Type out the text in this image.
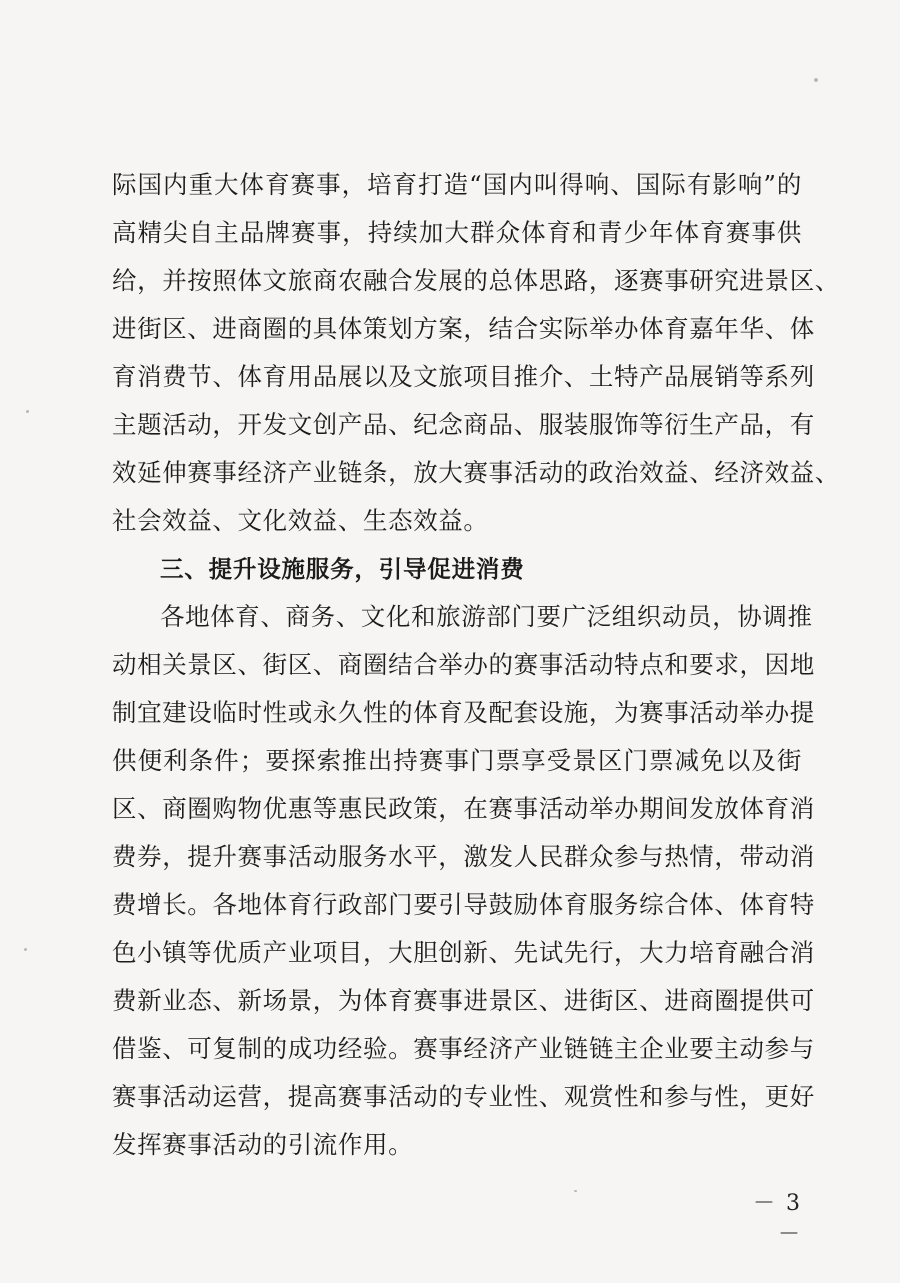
际国内重大体育赛事，培育打造“国内叫得响、国际有影响”的
高精尖自主品牌赛事，持续加大群众体育和青少年体育赛事供
给，并按照体文旅商农融合发展的总体思路，逐赛事研究进景区、
进街区、进商圈的具体策划方案，结合实际举办体育嘉年华、体
育消费节、体育用品展以及文旅项目推介、土特产品展销等系列
主题活动，开发文创产品、纪念商品、服装服饰等衍生产品，有
效延伸赛事经济产业链条，放大赛事活动的政治效益、经济效益、
社会效益、文化效益、生态效益。
三、提升设施服务，引导促进消费
各地体育、商务、文化和旅游部门要广泛组织动员，协调推
动相关景区、街区、商圈结合举办的赛事活动特点和要求，因地
制宜建设临时性或永久性的体育及配套设施，为赛事活动举办提
供便利条件；要探索推出持赛事门票享受景区门票减免以及街
区、商圈购物优惠等惠民政策，在赛事活动举办期间发放体育消
费券，提升赛事活动服务水平，激发人民群众参与热情，带动消
费增长。各地体育行政部门要引导鼓励体育服务综合体、体育特
色小镇等优质产业项目，大胆创新、先试先行，大力培育融合消
费新业态、新场景，为体育赛事进景区、进街区、进商圈提供可
借鉴、可复制的成功经验。赛事经济产业链链主企业要主动参与
赛事活动运营，提高赛事活动的专业性、观赏性和参与性，更好
发挥赛事活动的引流作用。
－ 3 －
